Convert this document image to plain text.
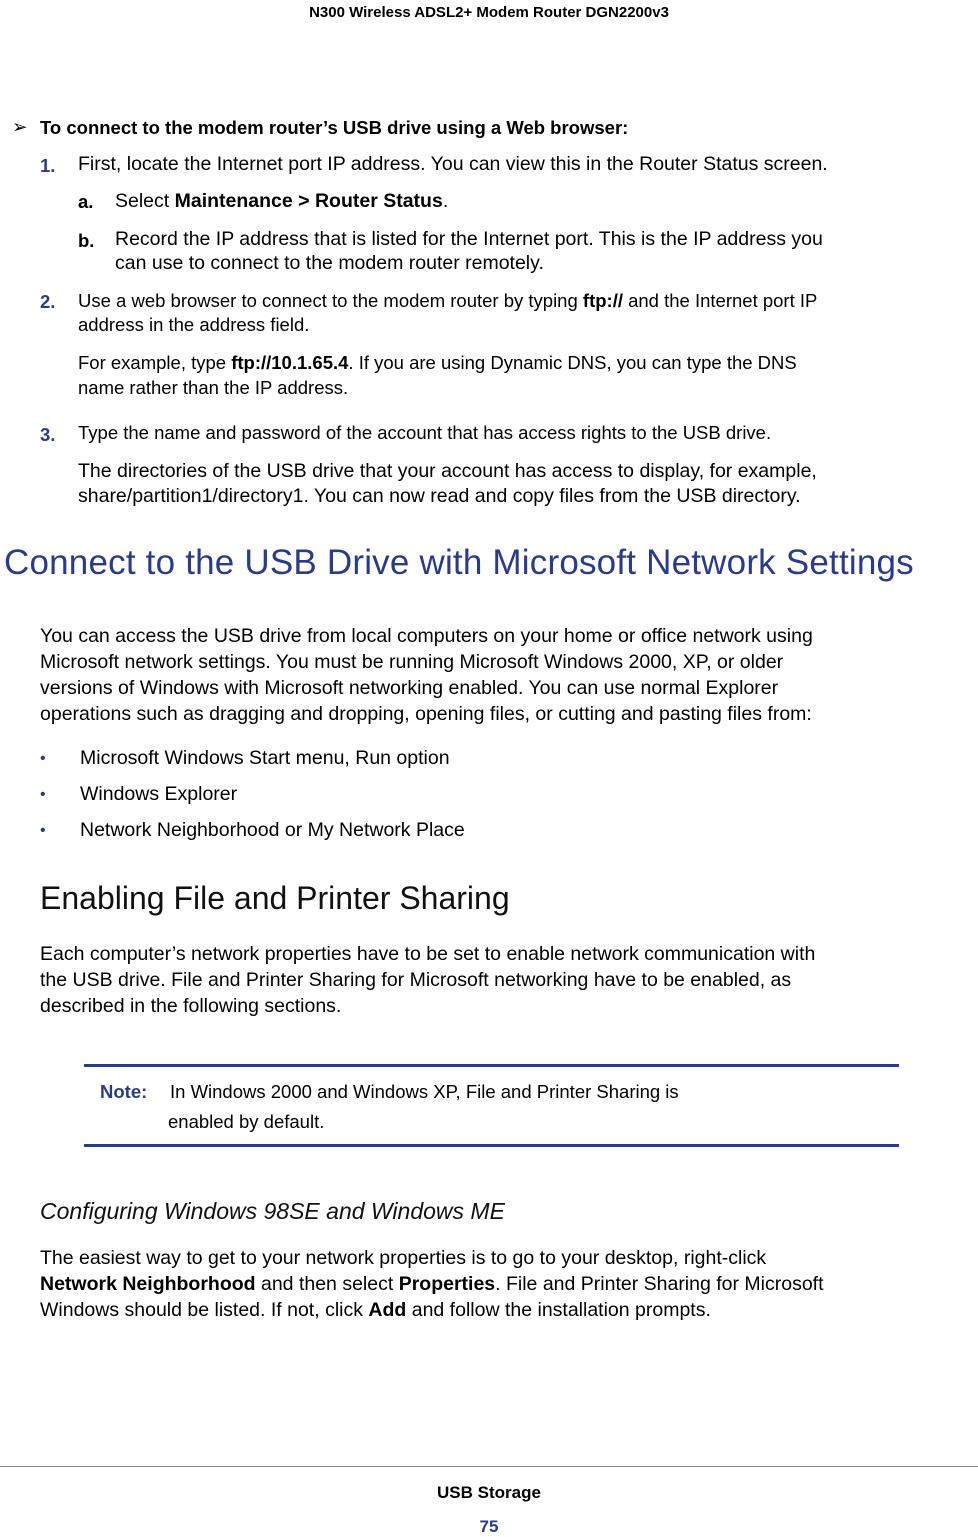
N300 Wireless ADSL2+ Modem Router DGN2200v3
➢ To connect to the modem router’s USB drive using a Web browser:
1. First, locate the Internet port IP address. You can view this in the Router Status screen.
a. Select Maintenance > Router Status.
b. Record the IP address that is listed for the Internet port. This is the IP address you
can use to connect to the modem router remotely.
2. Use a web browser to connect to the modem router by typing ftp:// and the Internet port IP
address in the address field.
For example, type ftp://10.1.65.4. If you are using Dynamic DNS, you can type the DNS
name rather than the IP address.
3. Type the name and password of the account that has access rights to the USB drive.
The directories of the USB drive that your account has access to display, for example,
share/partition1/directory1. You can now read and copy files from the USB directory.
Connect to the USB Drive with Microsoft Network Settings
You can access the USB drive from local computers on your home or office network using
Microsoft network settings. You must be running Microsoft Windows 2000, XP, or older
versions of Windows with Microsoft networking enabled. You can use normal Explorer
operations such as dragging and dropping, opening files, or cutting and pasting files from:
• Microsoft Windows Start menu, Run option
• Windows Explorer
• Network Neighborhood or My Network Place
Enabling File and Printer Sharing
Each computer’s network properties have to be set to enable network communication with
the USB drive. File and Printer Sharing for Microsoft networking have to be enabled, as
described in the following sections.
Note: In Windows 2000 and Windows XP, File and Printer Sharing is
enabled by default.
Configuring Windows 98SE and Windows ME
The easiest way to get to your network properties is to go to your desktop, right-click
Network Neighborhood and then select Properties. File and Printer Sharing for Microsoft
Windows should be listed. If not, click Add and follow the installation prompts.
USB Storage
75
